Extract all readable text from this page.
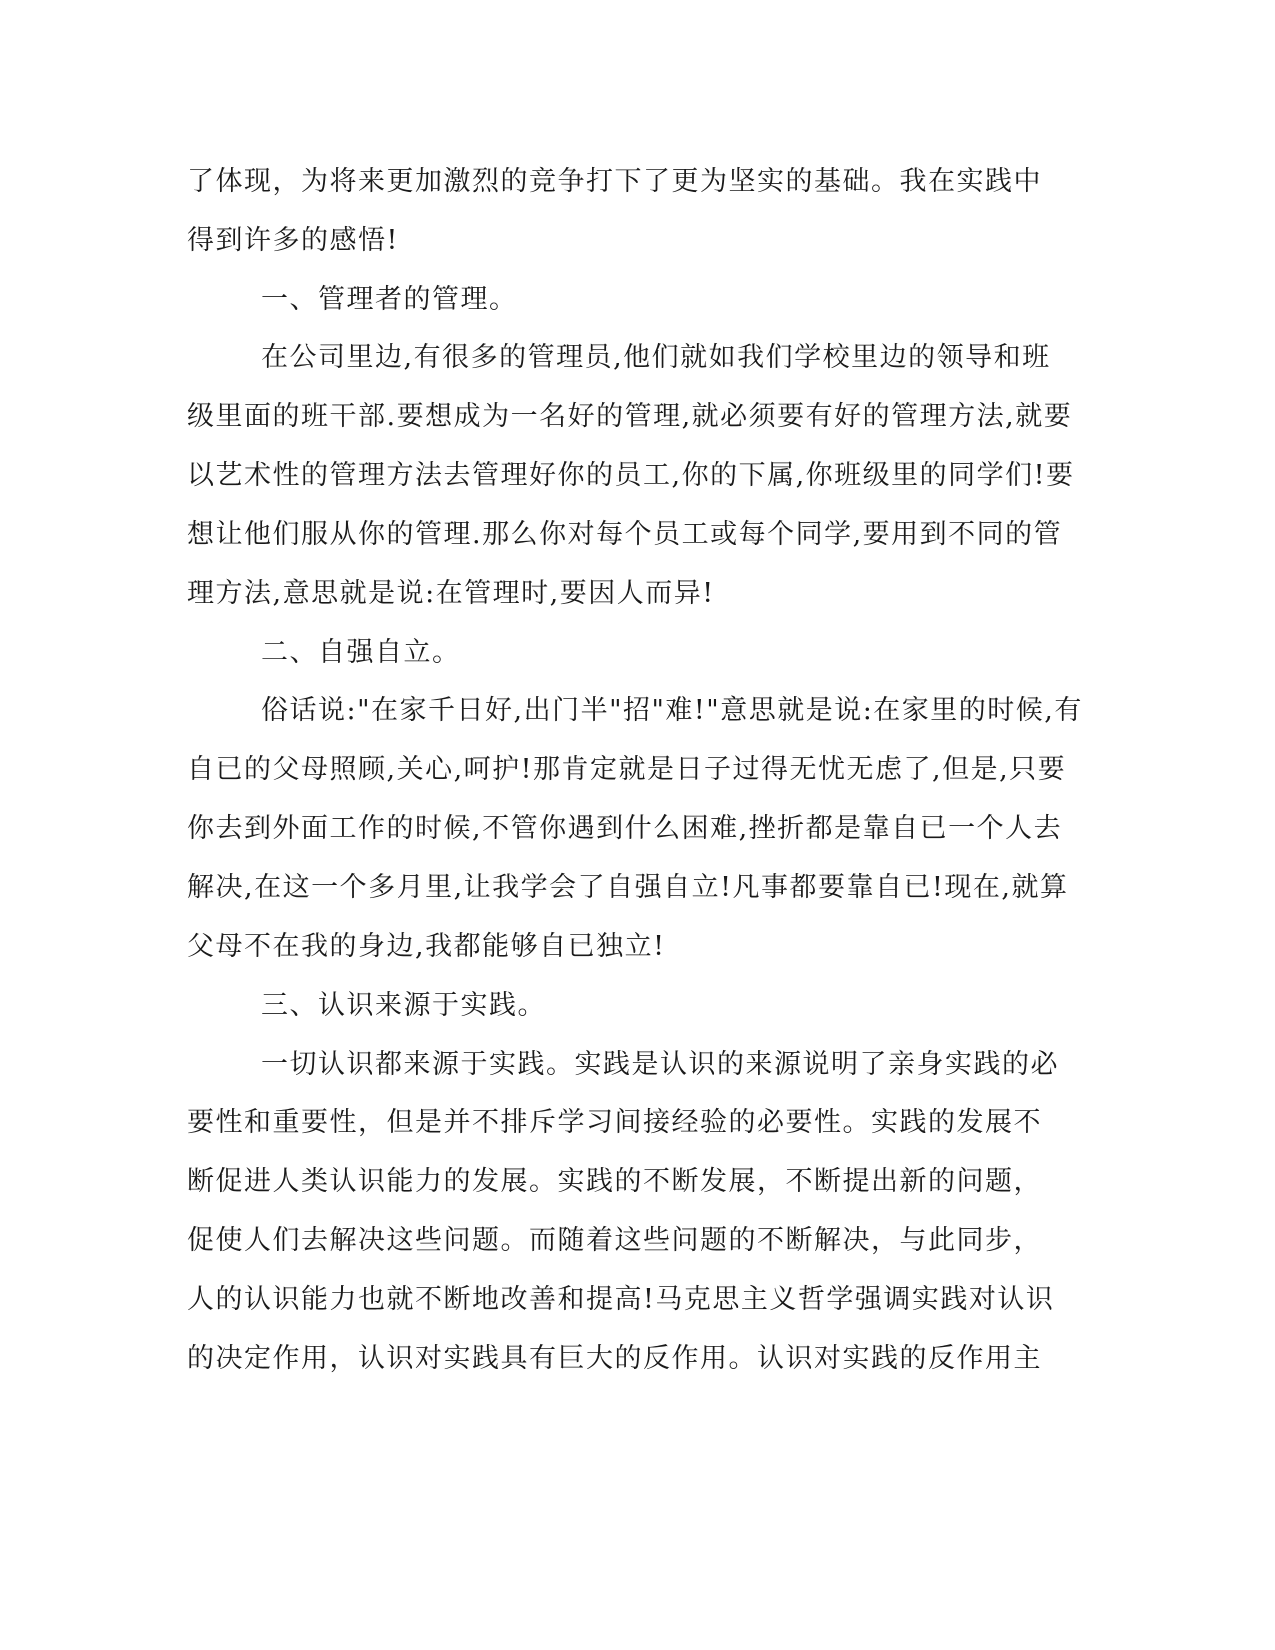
了体现，为将来更加激烈的竞争打下了更为坚实的基础。我在实践中
得到许多的感悟!
一、管理者的管理。
在公司里边,有很多的管理员,他们就如我们学校里边的领导和班
级里面的班干部.要想成为一名好的管理,就必须要有好的管理方法,就要
以艺术性的管理方法去管理好你的员工,你的下属,你班级里的同学们!要
想让他们服从你的管理.那么你对每个员工或每个同学,要用到不同的管
理方法,意思就是说:在管理时,要因人而异!
二、自强自立。
俗话说:"在家千日好,出门半"招"难!"意思就是说:在家里的时候,有
自已的父母照顾,关心,呵护!那肯定就是日子过得无忧无虑了,但是,只要
你去到外面工作的时候,不管你遇到什么困难,挫折都是靠自已一个人去
解决,在这一个多月里,让我学会了自强自立!凡事都要靠自已!现在,就算
父母不在我的身边,我都能够自已独立!
三、认识来源于实践。
一切认识都来源于实践。实践是认识的来源说明了亲身实践的必
要性和重要性，但是并不排斥学习间接经验的必要性。实践的发展不
断促进人类认识能力的发展。实践的不断发展，不断提出新的问题，
促使人们去解决这些问题。而随着这些问题的不断解决，与此同步，
人的认识能力也就不断地改善和提高!马克思主义哲学强调实践对认识
的决定作用，认识对实践具有巨大的反作用。认识对实践的反作用主
